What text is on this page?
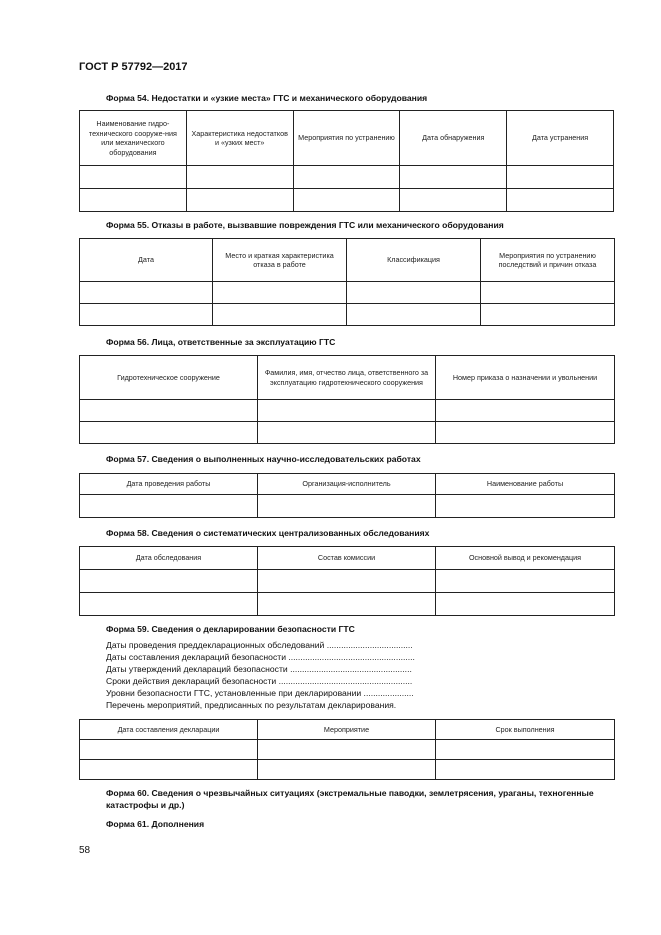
ГОСТ Р 57792—2017
Форма 54. Недостатки и «узкие места» ГТС и механического оборудования
Наименование гидро-технического сооруже-ния или механического оборудования	Характеристика недостатков и «узких мест»	Мероприятия по устранению	Дата обнаружения	Дата устранения

Форма 55. Отказы в работе, вызвавшие повреждения ГТС или механического оборудования
Дата	Место и краткая характеристика отказа в работе	Классификация	Мероприятия по устранению последствий и причин отказа

Форма 56. Лица, ответственные за эксплуатацию ГТС
Гидротехническое сооружение	Фамилия, имя, отчество лица, ответственного за эксплуатацию гидротехнического сооружения	Номер приказа о назначении и увольнении

Форма 57. Сведения о выполненных научно-исследовательских работах
Дата проведения работы	Организация-исполнитель	Наименование работы

Форма 58. Сведения о систематических централизованных обследованиях
Дата обследования	Состав комиссии	Основной вывод и рекомендация

Форма 59. Сведения о декларировании безопасности ГТС
Даты проведения преддекларационных обследований ....................................
Даты составления деклараций безопасности .....................................................
Даты утверждений деклараций безопасности ...................................................
Сроки действия деклараций безопасности ........................................................
Уровни безопасности ГТС, установленные при декларировании .....................
Перечень мероприятий, предписанных по результатам декларирования.
Дата составления декларации	Мероприятие	Срок выполнения

Форма 60. Сведения о чрезвычайных ситуациях (экстремальные паводки, землетрясения, ураганы, техногенные катастрофы и др.)
Форма 61. Дополнения
58
